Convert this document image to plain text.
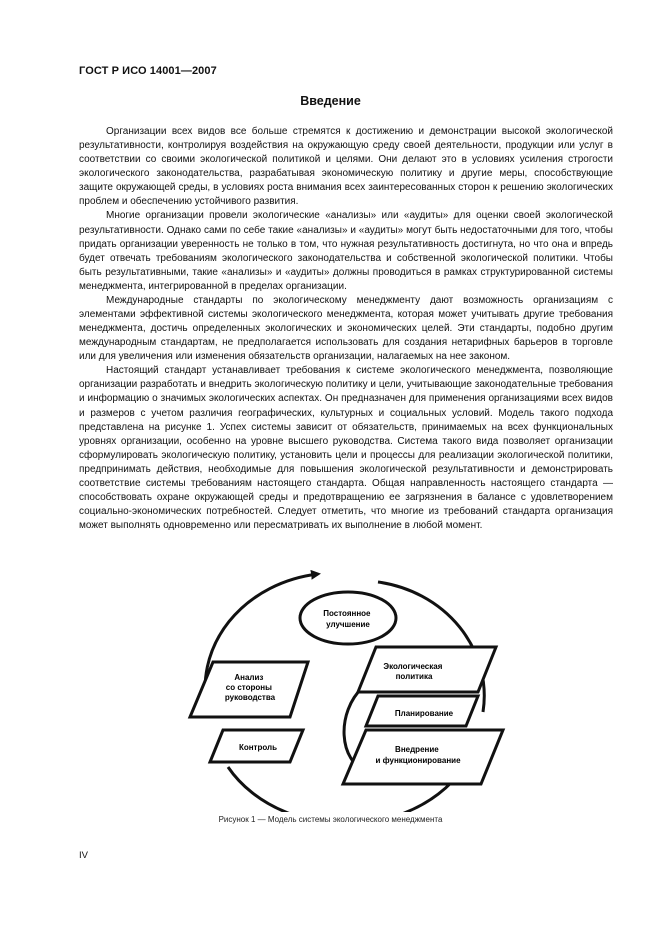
ГОСТ Р ИСО 14001—2007
Введение

Организации всех видов все больше стремятся к достижению и демонстрации высокой экологической результативности, контролируя воздействия на окружающую среду своей деятельности, продукции или услуг в соответствии со своими экологической политикой и целями. Они делают это в условиях усиления строгости экологического законодательства, разрабатывая экономическую политику и другие меры, способствующие защите окружающей среды, в условиях роста внимания всех заинтересованных сторон к решению экологических проблем и обеспечению устойчивого развития.

Многие организации провели экологические «анализы» или «аудиты» для оценки своей экологической результативности. Однако сами по себе такие «анализы» и «аудиты» могут быть недостаточными для того, чтобы придать организации уверенность не только в том, что нужная результативность достигнута, но что она и впредь будет отвечать требованиям экологического законодательства и собственной экологической политики. Чтобы быть результативными, такие «анализы» и «аудиты» должны проводиться в рамках структурированной системы менеджмента, интегрированной в пределах организации.

Международные стандарты по экологическому менеджменту дают возможность организациям с элементами эффективной системы экологического менеджмента, которая может учитывать другие требования менеджмента, достичь определенных экологических и экономических целей. Эти стандарты, подобно другим международным стандартам, не предполагается использовать для создания нетарифных барьеров в торговле или для увеличения или изменения обязательств организации, налагаемых на нее законом.

Настоящий стандарт устанавливает требования к системе экологического менеджмента, позволяющие организации разработать и внедрить экологическую политику и цели, учитывающие законодательные требования и информацию о значимых экологических аспектах. Он предназначен для применения организациями всех видов и размеров с учетом различия географических, культурных и социальных условий. Модель такого подхода представлена на рисунке 1. Успех системы зависит от обязательств, принимаемых на всех функциональных уровнях организации, особенно на уровне высшего руководства. Система такого вида позволяет организации сформулировать экологическую политику, установить цели и процессы для реализации экологической политики, предпринимать действия, необходимые для повышения экологической результативности и демонстрировать соответствие системы требованиям настоящего стандарта. Общая направленность настоящего стандарта — способствовать охране окружающей среды и предотвращению ее загрязнения в балансе с удовлетворением социально-экономических потребностей. Следует отметить, что многие из требований стандарта организация может выполнять одновременно или пересматривать их выполнение в любой момент.

Постоянное улучшение
Анализ со стороны руководства
Контроль
Экологическая политика
Планирование
Внедрение и функционирование
Рисунок 1 — Модель системы экологического менеджмента
IV
